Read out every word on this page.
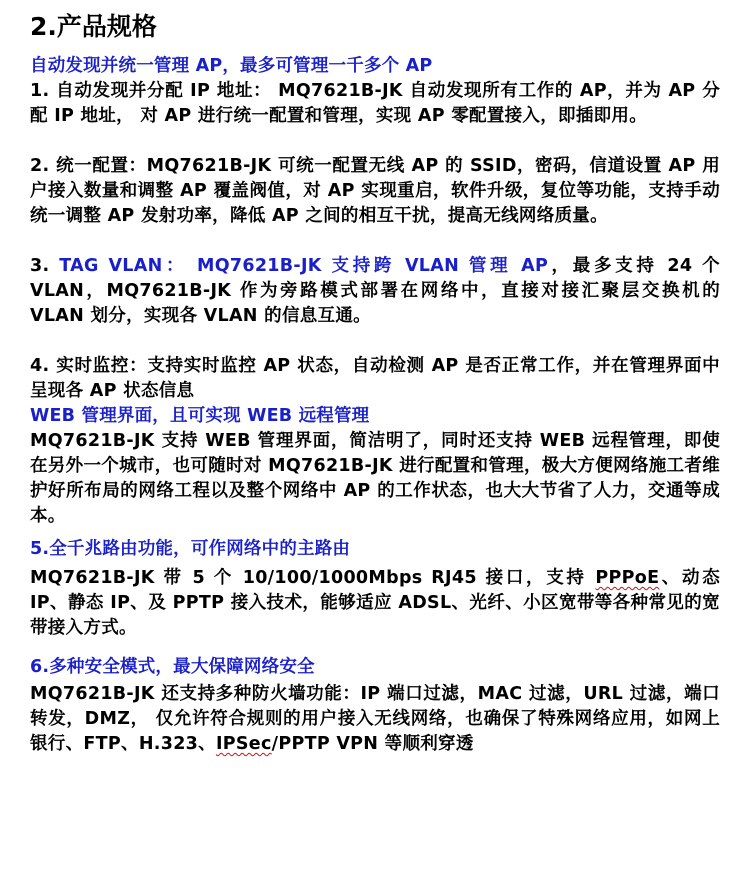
2.产品规格

自动发现并统一管理 AP，最多可管理一千多个 AP

1. 自动发现并分配 IP 地址： MQ7621B-JK 自动发现所有工作的 AP，并为 AP 分配 IP 地址， 对 AP 进行统一配置和管理，实现 AP 零配置接入，即插即用。

2. 统一配置：MQ7621B-JK 可统一配置无线 AP 的 SSID，密码，信道设置 AP 用户接入数量和调整 AP 覆盖阀值，对 AP 实现重启，软件升级，复位等功能，支持手动统一调整 AP 发射功率，降低 AP 之间的相互干扰，提高无线网络质量。

3. TAG VLAN： MQ7621B-JK 支持跨 VLAN 管理 AP，最多支持 24 个 VLAN，MQ7621B-JK 作为旁路模式部署在网络中，直接对接汇聚层交换机的 VLAN 划分，实现各 VLAN 的信息互通。

4. 实时监控：支持实时监控 AP 状态，自动检测 AP 是否正常工作，并在管理界面中呈现各 AP 状态信息

WEB 管理界面，且可实现 WEB 远程管理

MQ7621B-JK 支持 WEB 管理界面，简洁明了，同时还支持 WEB 远程管理，即使在另外一个城市，也可随时对 MQ7621B-JK 进行配置和管理，极大方便网络施工者维护好所布局的网络工程以及整个网络中 AP 的工作状态，也大大节省了人力，交通等成本。

5.全千兆路由功能，可作网络中的主路由

MQ7621B-JK 带 5 个 10/100/1000Mbps RJ45 接口，支持 PPPoE、动态 IP、静态 IP、及 PPTP 接入技术，能够适应 ADSL、光纤、小区宽带等各种常见的宽带接入方式。

6.多种安全模式，最大保障网络安全

MQ7621B-JK 还支持多种防火墙功能：IP 端口过滤，MAC 过滤，URL 过滤，端口转发，DMZ， 仅允许符合规则的用户接入无线网络，也确保了特殊网络应用，如网上银行、FTP、H.323、IPSec/PPTP VPN 等顺利穿透
